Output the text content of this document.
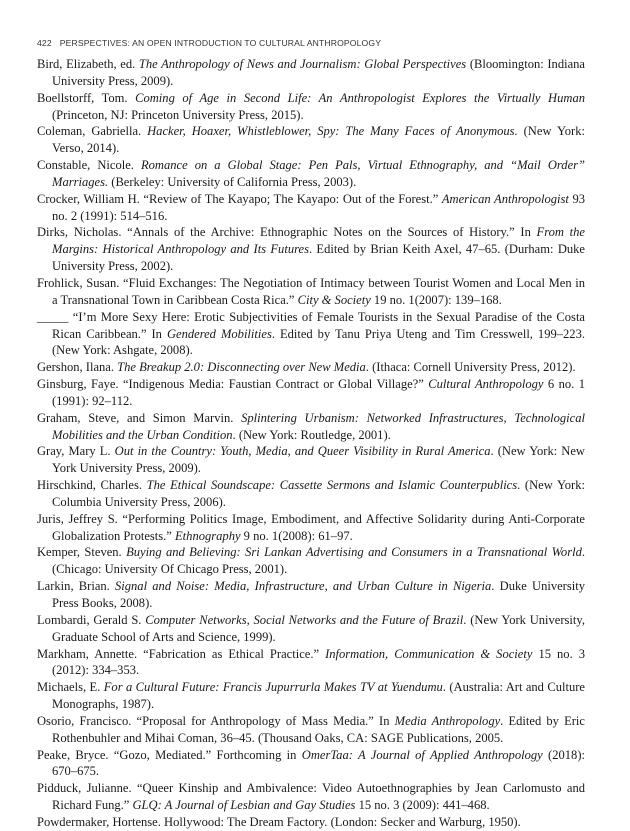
422 PERSPECTIVES: AN OPEN INTRODUCTION TO CULTURAL ANTHROPOLOGY

Bird, Elizabeth, ed. The Anthropology of News and Journalism: Global Perspectives (Bloomington: Indiana University Press, 2009).

Boellstorff, Tom. Coming of Age in Second Life: An Anthropologist Explores the Virtually Human (Princeton, NJ: Princeton University Press, 2015).

Coleman, Gabriella. Hacker, Hoaxer, Whistleblower, Spy: The Many Faces of Anonymous. (New York: Verso, 2014).

Constable, Nicole. Romance on a Global Stage: Pen Pals, Virtual Ethnography, and “Mail Order” Marriages. (Berkeley: University of California Press, 2003).

Crocker, William H. “Review of The Kayapo; The Kayapo: Out of the Forest.” American Anthropologist 93 no. 2 (1991): 514–516.

Dirks, Nicholas. “Annals of the Archive: Ethnographic Notes on the Sources of History.” In From the Margins: Historical Anthropology and Its Futures. Edited by Brian Keith Axel, 47–65. (Durham: Duke University Press, 2002).

Frohlick, Susan. “Fluid Exchanges: The Negotiation of Intimacy between Tourist Women and Local Men in a Transnational Town in Caribbean Costa Rica.” City & Society 19 no. 1(2007): 139–168.

_____ “I’m More Sexy Here: Erotic Subjectivities of Female Tourists in the Sexual Paradise of the Costa Rican Caribbean.” In Gendered Mobilities. Edited by Tanu Priya Uteng and Tim Cresswell, 199–223. (New York: Ashgate, 2008).

Gershon, Ilana. The Breakup 2.0: Disconnecting over New Media. (Ithaca: Cornell University Press, 2012).

Ginsburg, Faye. “Indigenous Media: Faustian Contract or Global Village?” Cultural Anthropology 6 no. 1 (1991): 92–112.

Graham, Steve, and Simon Marvin. Splintering Urbanism: Networked Infrastructures, Technological Mobilities and the Urban Condition. (New York: Routledge, 2001).

Gray, Mary L. Out in the Country: Youth, Media, and Queer Visibility in Rural America. (New York: New York University Press, 2009).

Hirschkind, Charles. The Ethical Soundscape: Cassette Sermons and Islamic Counterpublics. (New York: Columbia University Press, 2006).

Juris, Jeffrey S. “Performing Politics Image, Embodiment, and Affective Solidarity during Anti-Corporate Globalization Protests.” Ethnography 9 no. 1(2008): 61–97.

Kemper, Steven. Buying and Believing: Sri Lankan Advertising and Consumers in a Transnational World. (Chicago: University Of Chicago Press, 2001).

Larkin, Brian. Signal and Noise: Media, Infrastructure, and Urban Culture in Nigeria. Duke University Press Books, 2008).

Lombardi, Gerald S. Computer Networks, Social Networks and the Future of Brazil. (New York University, Graduate School of Arts and Science, 1999).

Markham, Annette. “Fabrication as Ethical Practice.” Information, Communication & Society 15 no. 3 (2012): 334–353.

Michaels, E. For a Cultural Future: Francis Jupurrurla Makes TV at Yuendumu. (Australia: Art and Culture Monographs, 1987).

Osorio, Francisco. “Proposal for Anthropology of Mass Media.” In Media Anthropology. Edited by Eric Rothenbuhler and Mihai Coman, 36–45. (Thousand Oaks, CA: SAGE Publications, 2005.

Peake, Bryce. “Gozo, Mediated.” Forthcoming in OmerTaa: A Journal of Applied Anthropology (2018): 670–675.

Pidduck, Julianne. “Queer Kinship and Ambivalence: Video Autoethnographies by Jean Carlomusto and Richard Fung.” GLQ: A Journal of Lesbian and Gay Studies 15 no. 3 (2009): 441–468.

Powdermaker, Hortense. Hollywood: The Dream Factory. (London: Secker and Warburg, 1950).
